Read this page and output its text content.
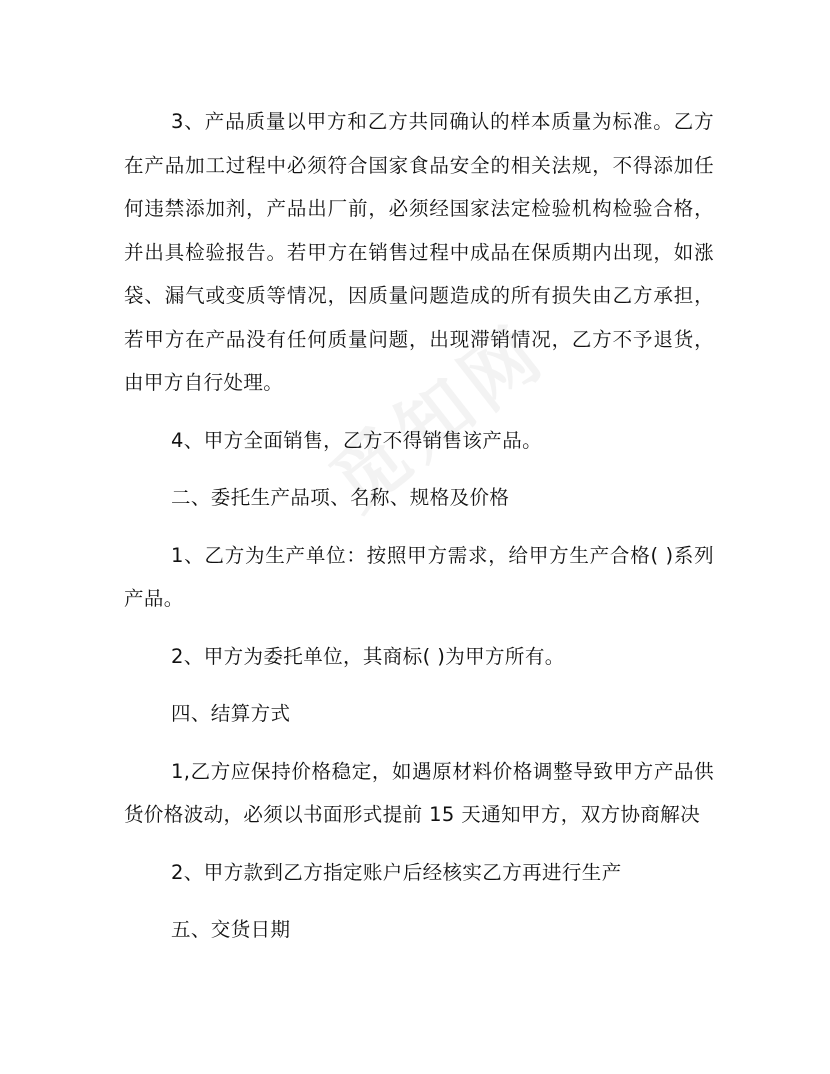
3、产品质量以甲方和乙方共同确认的样本质量为标准。乙方在产品加工过程中必须符合国家食品安全的相关法规，不得添加任何违禁添加剂，产品出厂前，必须经国家法定检验机构检验合格，并出具检验报告。若甲方在销售过程中成品在保质期内出现，如涨袋、漏气或变质等情况，因质量问题造成的所有损失由乙方承担，若甲方在产品没有任何质量问题，出现滞销情况，乙方不予退货，由甲方自行处理。

4、甲方全面销售，乙方不得销售该产品。

二、委托生产品项、名称、规格及价格

1、乙方为生产单位：按照甲方需求，给甲方生产合格( )系列产品。

2、甲方为委托单位，其商标( )为甲方所有。

四、结算方式

1,乙方应保持价格稳定，如遇原材料价格调整导致甲方产品供货价格波动，必须以书面形式提前 15 天通知甲方，双方协商解决

2、甲方款到乙方指定账户后经核实乙方再进行生产

五、交货日期
